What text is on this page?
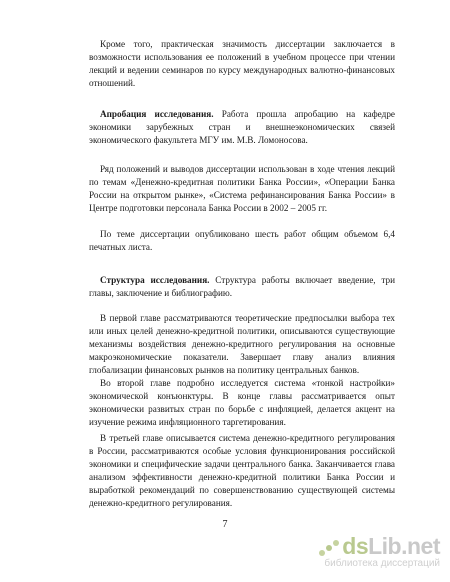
Кроме того, практическая значимость диссертации заключается в возможности использования ее положений в учебном процессе при чтении лекций и ведении семинаров по курсу международных валютно-финансовых отношений.

Апробация исследования. Работа прошла апробацию на кафедре экономики зарубежных стран и внешнеэкономических связей экономического факультета МГУ им. М.В. Ломоносова.

Ряд положений и выводов диссертации использован в ходе чтения лекций по темам «Денежно-кредитная политики Банка России», «Операции Банка России на открытом рынке», «Система рефинансирования Банка России» в Центре подготовки персонала Банка России в 2002 – 2005 гг.

По теме диссертации опубликовано шесть работ общим объемом 6,4 печатных листа.

Структура исследования. Структура работы включает введение, три главы, заключение и библиографию.

В первой главе рассматриваются теоретические предпосылки выбора тех или иных целей денежно-кредитной политики, описываются существующие механизмы воздействия денежно-кредитного регулирования на основные макроэкономические показатели. Завершает главу анализ влияния глобализации финансовых рынков на политику центральных банков.

Во второй главе подробно исследуется система «тонкой настройки» экономической конъюнктуры. В конце главы рассматривается опыт экономически развитых стран по борьбе с инфляцией, делается акцент на изучение режима инфляционного таргетирования.

В третьей главе описывается система денежно-кредитного регулирования в России, рассматриваются особые условия функционирования российской экономики и специфические задачи центрального банка. Заканчивается глава анализом эффективности денежно-кредитной политики Банка России и выработкой рекомендаций по совершенствованию существующей системы денежно-кредитного регулирования.

7
dsLib.net
библиотека диссертаций
